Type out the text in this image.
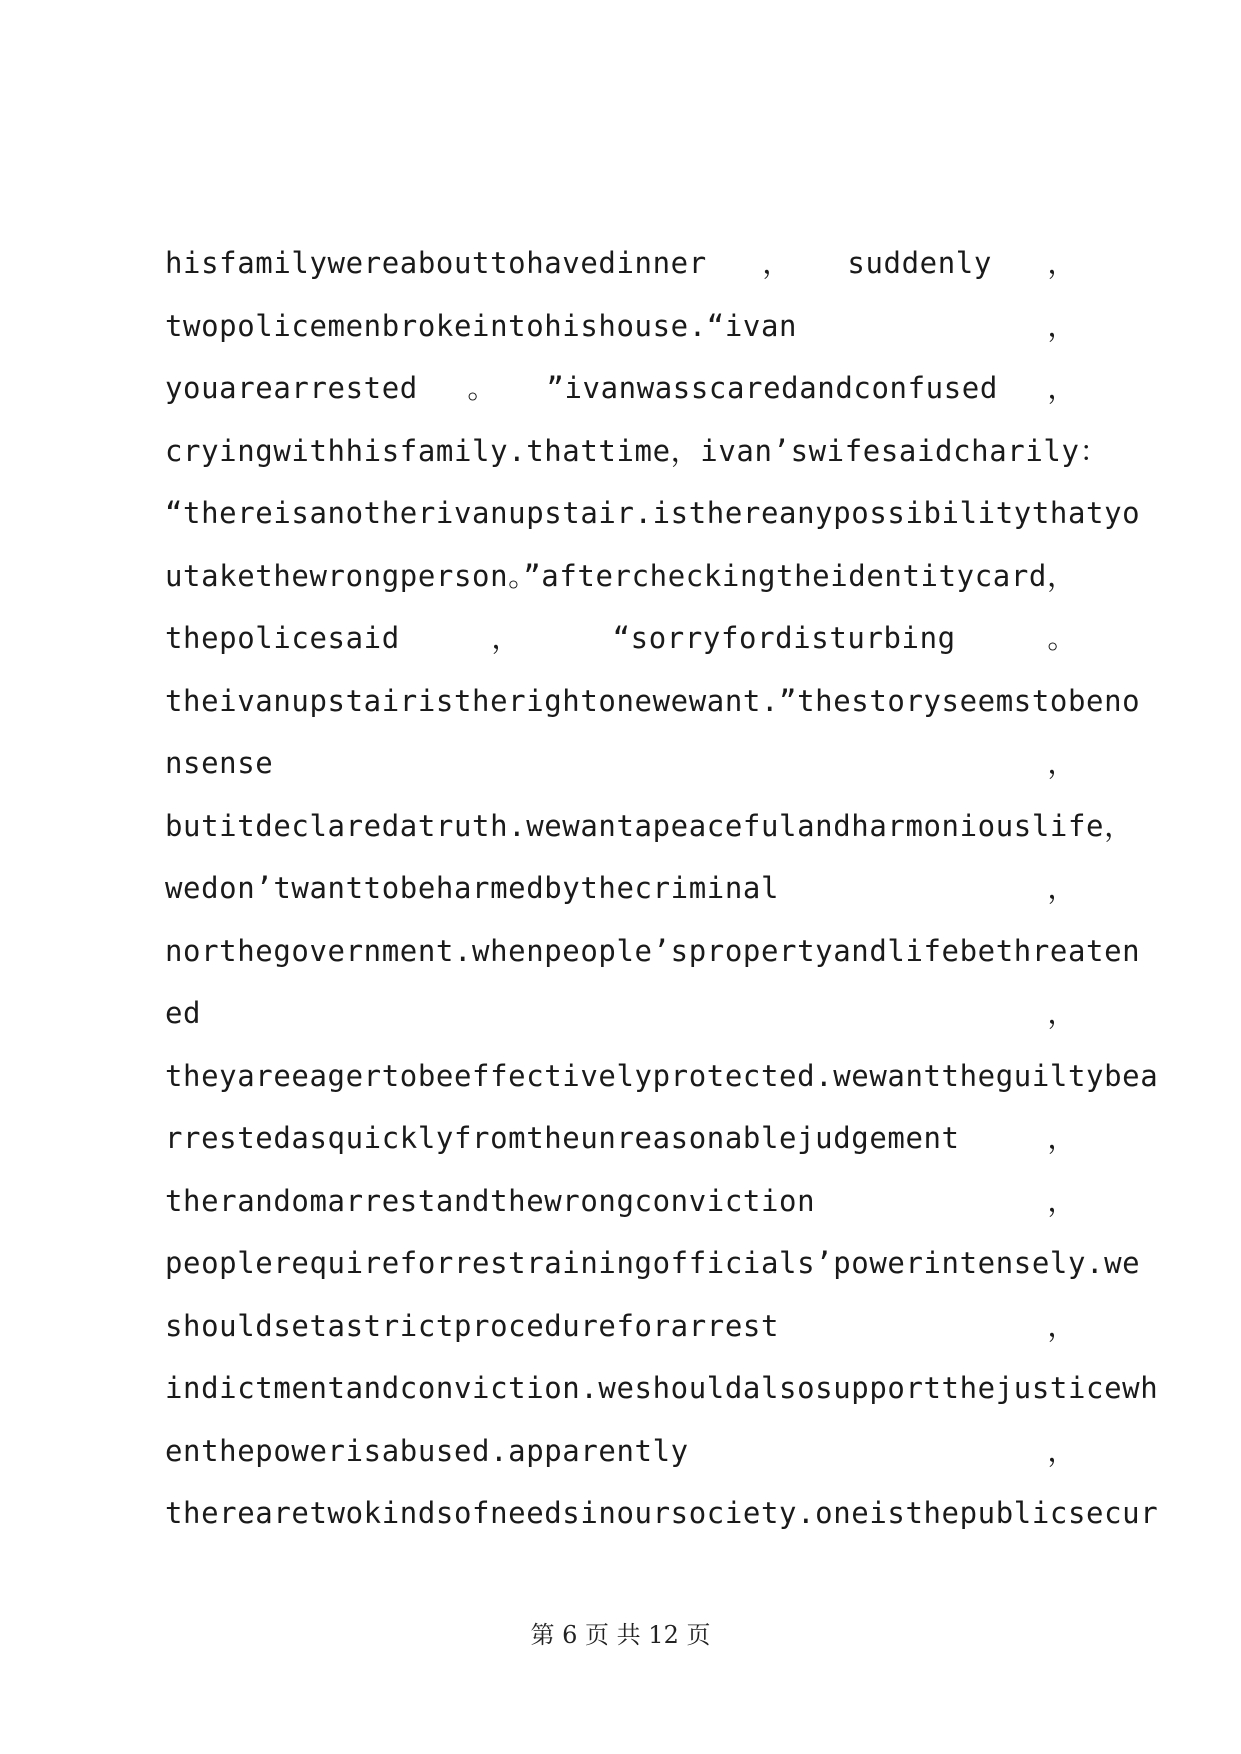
hisfamilywereabouttohavedinner ， suddenly ，
twopolicemenbrokeintohishouse.“ivan	，
youarearrested 。 ”ivanwasscaredandconfused ，
cryingwithhisfamily.thattime， ivan’swifesaidcharily：
“thereisanotherivanupstair.isthereanypossibilitythatyo
utakethewrongperson。”aftercheckingtheidentitycard，
thepolicesaid	，	“sorryfordisturbing	。
theivanupstairistherightonewewant.”thestoryseemstobeno
nsense	，
butitdeclaredatruth.wewantapeacefulandharmoniouslife ，
wedon’twanttobeharmedbythecriminal	，
northegovernment.whenpeople’spropertyandlifebethreaten
ed	，
theyareeagertobeeffectivelyprotected.wewanttheguiltybea
rrestedasquicklyfromtheunreasonablejudgement	，
therandomarrestandthewrongconviction	，
peoplerequireforrestrainingofficials’powerintensely.we
shouldsetastrictprocedureforarrest	，
indictmentandconviction.weshouldalsosupportthejusticewh
enthepowerisabused.apparently	，
therearetwokindsofneedsinoursociety.oneisthepublicsecur
第 6 页 共 12 页
